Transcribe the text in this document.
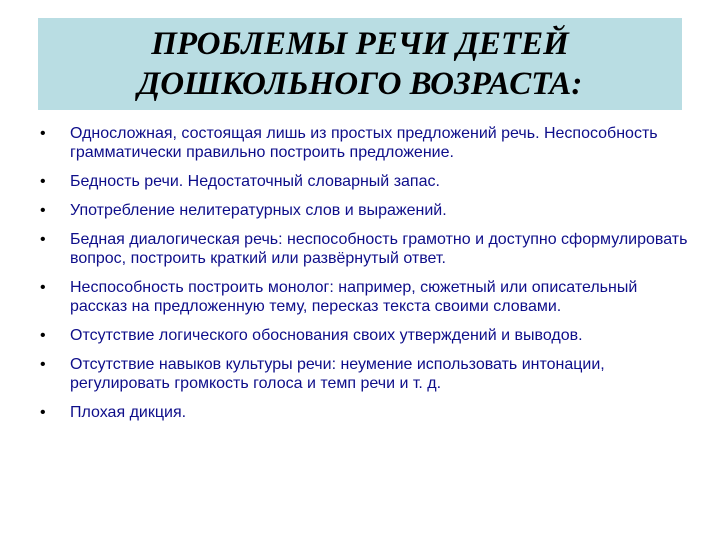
ПРОБЛЕМЫ РЕЧИ ДЕТЕЙ
ДОШКОЛЬНОГО ВОЗРАСТА:
• Односложная, состоящая лишь из простых предложений речь. Неспособность грамматически правильно построить предложение.
• Бедность речи. Недостаточный словарный запас.
• Употребление нелитературных слов и выражений.
• Бедная диалогическая речь: неспособность грамотно и доступно сформулировать вопрос, построить краткий или развёрнутый ответ.
• Неспособность построить монолог: например, сюжетный или описательный рассказ на предложенную тему, пересказ текста своими словами.
• Отсутствие логического обоснования своих утверждений и выводов.
• Отсутствие навыков культуры речи: неумение использовать интонации, регулировать громкость голоса и темп речи и т. д.
• Плохая дикция.
